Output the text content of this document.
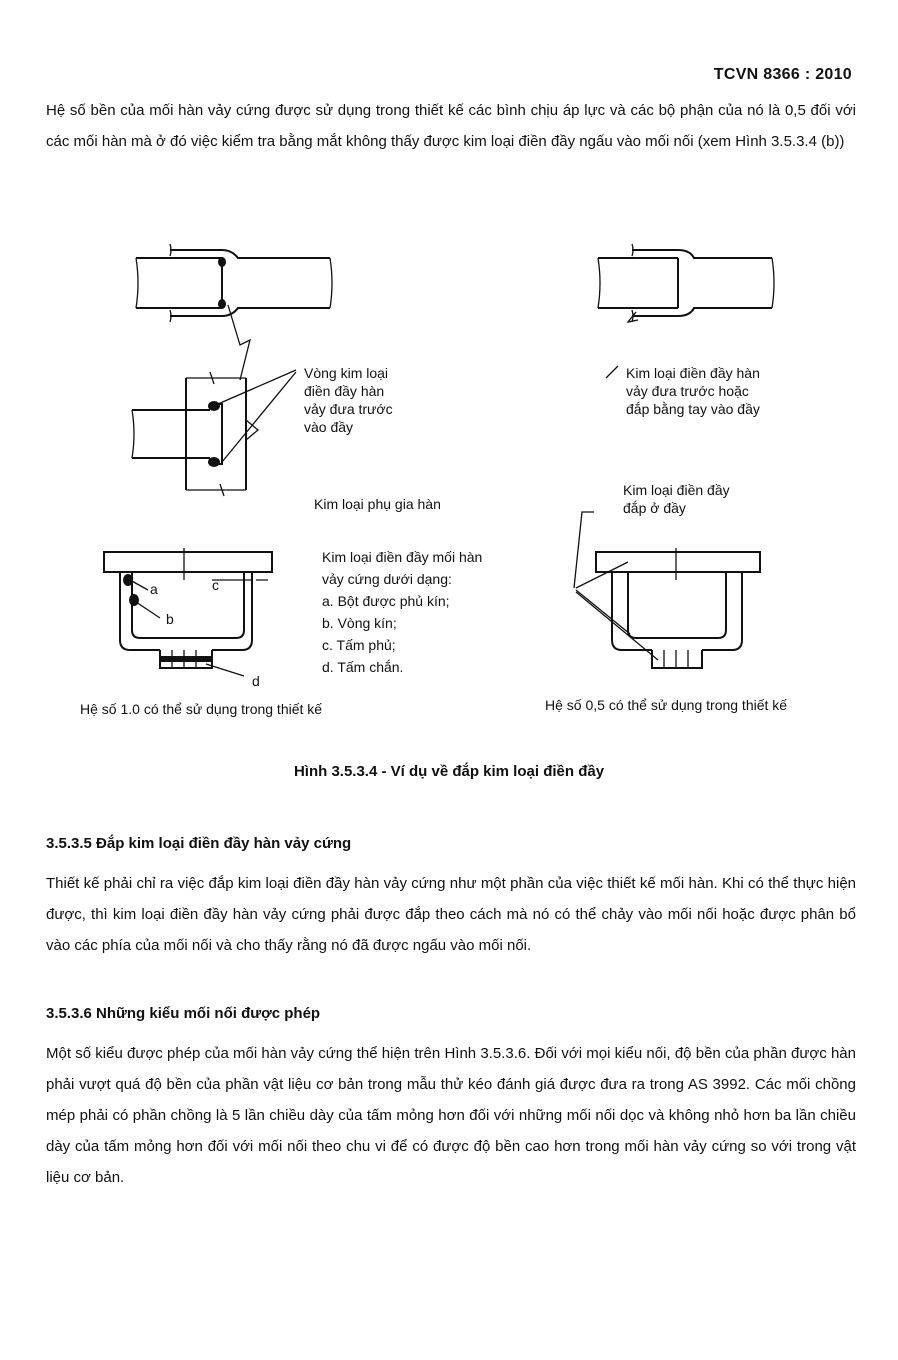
TCVN 8366 : 2010
Hệ số bền của mối hàn vảy cứng được sử dụng trong thiết kế các bình chịu áp lực và các bộ phận của nó là 0,5 đối với các mối hàn mà ở đó việc kiểm tra bằng mắt không thấy được kim loại điền đầy ngấu vào mối nối (xem Hình 3.5.3.4 (b))
Vòng kim loại
điền đầy hàn
vảy đưa trước
vào đầy
Kim loại điền đầy hàn
vảy đưa trước hoặc
đắp bằng tay vào đầy
Kim loại phụ gia hàn
Kim loại điền đầy
đắp ở đầy
Kim loại điền đầy mối hàn
vảy cứng dưới dạng:
a. Bột được phủ kín;
b. Vòng kín;
c. Tấm phủ;
d. Tấm chắn.
a
b
c
d
Hệ số 1.0 có thể sử dụng trong thiết kế	Hệ số 0,5 có thể sử dụng trong thiết kế
Hình 3.5.3.4 - Ví dụ về đắp kim loại điền đầy
3.5.3.5 Đắp kim loại điền đầy hàn vảy cứng
Thiết kế phải chỉ ra việc đắp kim loại điền đầy hàn vảy cứng như một phần của việc thiết kế mối hàn. Khi có thể thực hiện được, thì kim loại điền đầy hàn vảy cứng phải được đắp theo cách mà nó có thể chảy vào mối nối hoặc được phân bổ vào các phía của mối nối và cho thấy rằng nó đã được ngấu vào mối nối.
3.5.3.6 Những kiểu mối nối được phép
Một số kiểu được phép của mối hàn vảy cứng thể hiện trên Hình 3.5.3.6. Đối với mọi kiểu nối, độ bền của phần được hàn phải vượt quá độ bền của phần vật liệu cơ bản trong mẫu thử kéo đánh giá được đưa ra trong AS 3992. Các mối chồng mép phải có phần chồng là 5 lần chiều dày của tấm mỏng hơn đối với những mối nối dọc và không nhỏ hơn ba lần chiều dày của tấm mỏng hơn đối với mối nối theo chu vi để có được độ bền cao hơn trong mối hàn vảy cứng so với trong vật liệu cơ bản.
